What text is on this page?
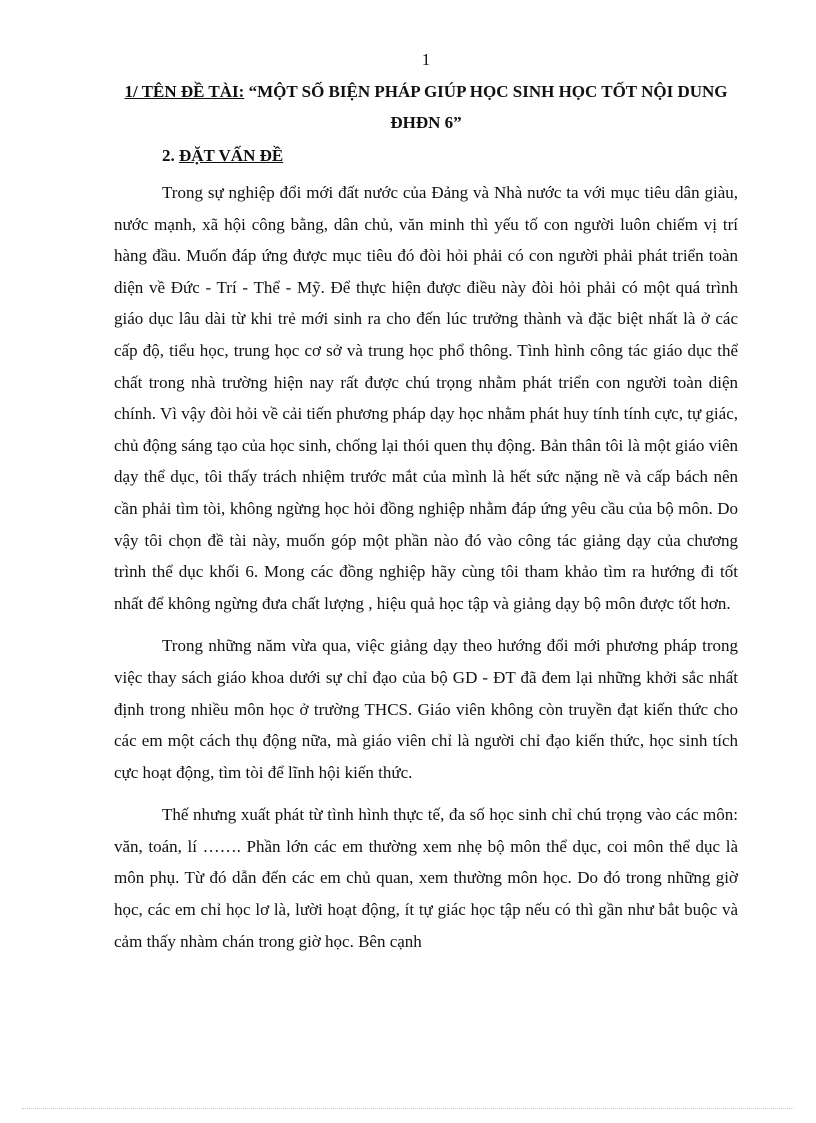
1

1/ TÊN ĐỀ TÀI: “MỘT SỐ BIỆN PHÁP GIÚP HỌC SINH HỌC TỐT NỘI DUNG ĐHĐN 6”

2. ĐẶT VẤN ĐỀ

Trong sự nghiệp đổi mới đất nước của Đảng và Nhà nước ta với mục tiêu dân giàu, nước mạnh, xã hội công bằng, dân chủ, văn minh thì yếu tố con người luôn chiếm vị trí hàng đầu. Muốn đáp ứng được mục tiêu đó đòi hỏi phải có con người phải phát triển toàn diện về Đức - Trí - Thể - Mỹ. Để thực hiện được điều này đòi hỏi phải có một quá trình giáo dục lâu dài từ khi trẻ mới sinh ra cho đến lúc trưởng thành và đặc biệt nhất là ở các cấp độ, tiểu học, trung học cơ sở và trung học phổ thông. Tình hình công tác giáo dục thể chất trong nhà trường hiện nay rất được chú trọng nhằm phát triển con người toàn diện chính. Vì vậy đòi hỏi về cải tiến phương pháp dạy học nhằm phát huy tính tính cực, tự giác, chủ động sáng tạo của học sinh, chống lại thói quen thụ động. Bản thân tôi là một giáo viên dạy thể dục, tôi thấy trách nhiệm trước mắt của mình là hết sức nặng nề và cấp bách nên cần phải tìm tòi, không ngừng học hỏi đồng nghiệp nhằm đáp ứng yêu cầu của bộ môn. Do vậy tôi chọn đề tài này, muốn góp một phần nào đó vào công tác giảng dạy của chương trình thể dục khối 6. Mong các đồng nghiệp hãy cùng tôi tham khảo tìm ra hướng đi tốt nhất để không ngừng đưa chất lượng , hiệu quả học tập và giảng dạy bộ môn được tốt hơn.

Trong những năm vừa qua, việc giảng dạy theo hướng đổi mới phương pháp trong việc thay sách giáo khoa dưới sự chỉ đạo của bộ GD - ĐT đã đem lại những khởi sắc nhất định trong nhiều môn học ở trường THCS. Giáo viên không còn truyền đạt kiến thức cho các em một cách thụ động nữa, mà giáo viên chỉ là người chỉ đạo kiến thức, học sinh tích cực hoạt động, tìm tòi để lĩnh hội kiến thức.

Thế nhưng xuất phát từ tình hình thực tế, đa số học sinh chỉ chú trọng vào các môn: văn, toán, lí ……. Phần lớn các em thường xem nhẹ bộ môn thể dục, coi môn thể dục là môn phụ. Từ đó dẫn đến các em chủ quan, xem thường môn học. Do đó trong những giờ học, các em chỉ học lơ là, lười hoạt động, ít tự giác học tập nếu có thì gần như bắt buộc và cảm thấy nhàm chán trong giờ học. Bên cạnh
